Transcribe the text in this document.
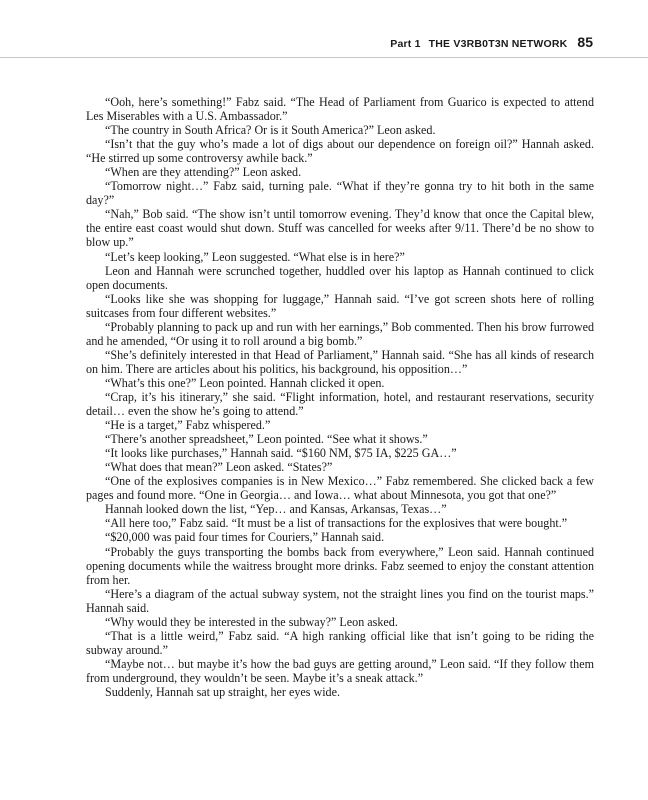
Part 1 THE V3RB0T3N NETWORK 85

“Ooh, here’s something!” Fabz said. “The Head of Parliament from Guarico is expected to attend Les Miserables with a U.S. Ambassador.”

“The country in South Africa? Or is it South America?” Leon asked.

“Isn’t that the guy who’s made a lot of digs about our dependence on foreign oil?” Hannah asked. “He stirred up some controversy awhile back.”

“When are they attending?” Leon asked.

“Tomorrow night…” Fabz said, turning pale. “What if they’re gonna try to hit both in the same day?”

“Nah,” Bob said. “The show isn’t until tomorrow evening. They’d know that once the Capital blew, the entire east coast would shut down. Stuff was cancelled for weeks after 9/11. There’d be no show to blow up.”

“Let’s keep looking,” Leon suggested. “What else is in here?”

Leon and Hannah were scrunched together, huddled over his laptop as Hannah continued to click open documents.

“Looks like she was shopping for luggage,” Hannah said. “I’ve got screen shots here of rolling suitcases from four different websites.”

“Probably planning to pack up and run with her earnings,” Bob commented. Then his brow furrowed and he amended, “Or using it to roll around a big bomb.”

“She’s definitely interested in that Head of Parliament,” Hannah said. “She has all kinds of research on him. There are articles about his politics, his background, his opposition…”

“What’s this one?” Leon pointed. Hannah clicked it open.

“Crap, it’s his itinerary,” she said. “Flight information, hotel, and restaurant reservations, security detail… even the show he’s going to attend.”

“He is a target,” Fabz whispered.”

“There’s another spreadsheet,” Leon pointed. “See what it shows.”

“It looks like purchases,” Hannah said. “$160 NM, $75 IA, $225 GA…”

“What does that mean?” Leon asked. “States?”

“One of the explosives companies is in New Mexico…” Fabz remembered. She clicked back a few pages and found more. “One in Georgia… and Iowa… what about Minnesota, you got that one?”

Hannah looked down the list, “Yep… and Kansas, Arkansas, Texas…”

“All here too,” Fabz said. “It must be a list of transactions for the explosives that were bought.”

“$20,000 was paid four times for Couriers,” Hannah said.

“Probably the guys transporting the bombs back from everywhere,” Leon said. Hannah continued opening documents while the waitress brought more drinks. Fabz seemed to enjoy the constant attention from her.

“Here’s a diagram of the actual subway system, not the straight lines you find on the tourist maps.” Hannah said.

“Why would they be interested in the subway?” Leon asked.

“That is a little weird,” Fabz said. “A high ranking official like that isn’t going to be riding the subway around.”

“Maybe not… but maybe it’s how the bad guys are getting around,” Leon said. “If they follow them from underground, they wouldn’t be seen. Maybe it’s a sneak attack.”

Suddenly, Hannah sat up straight, her eyes wide.
